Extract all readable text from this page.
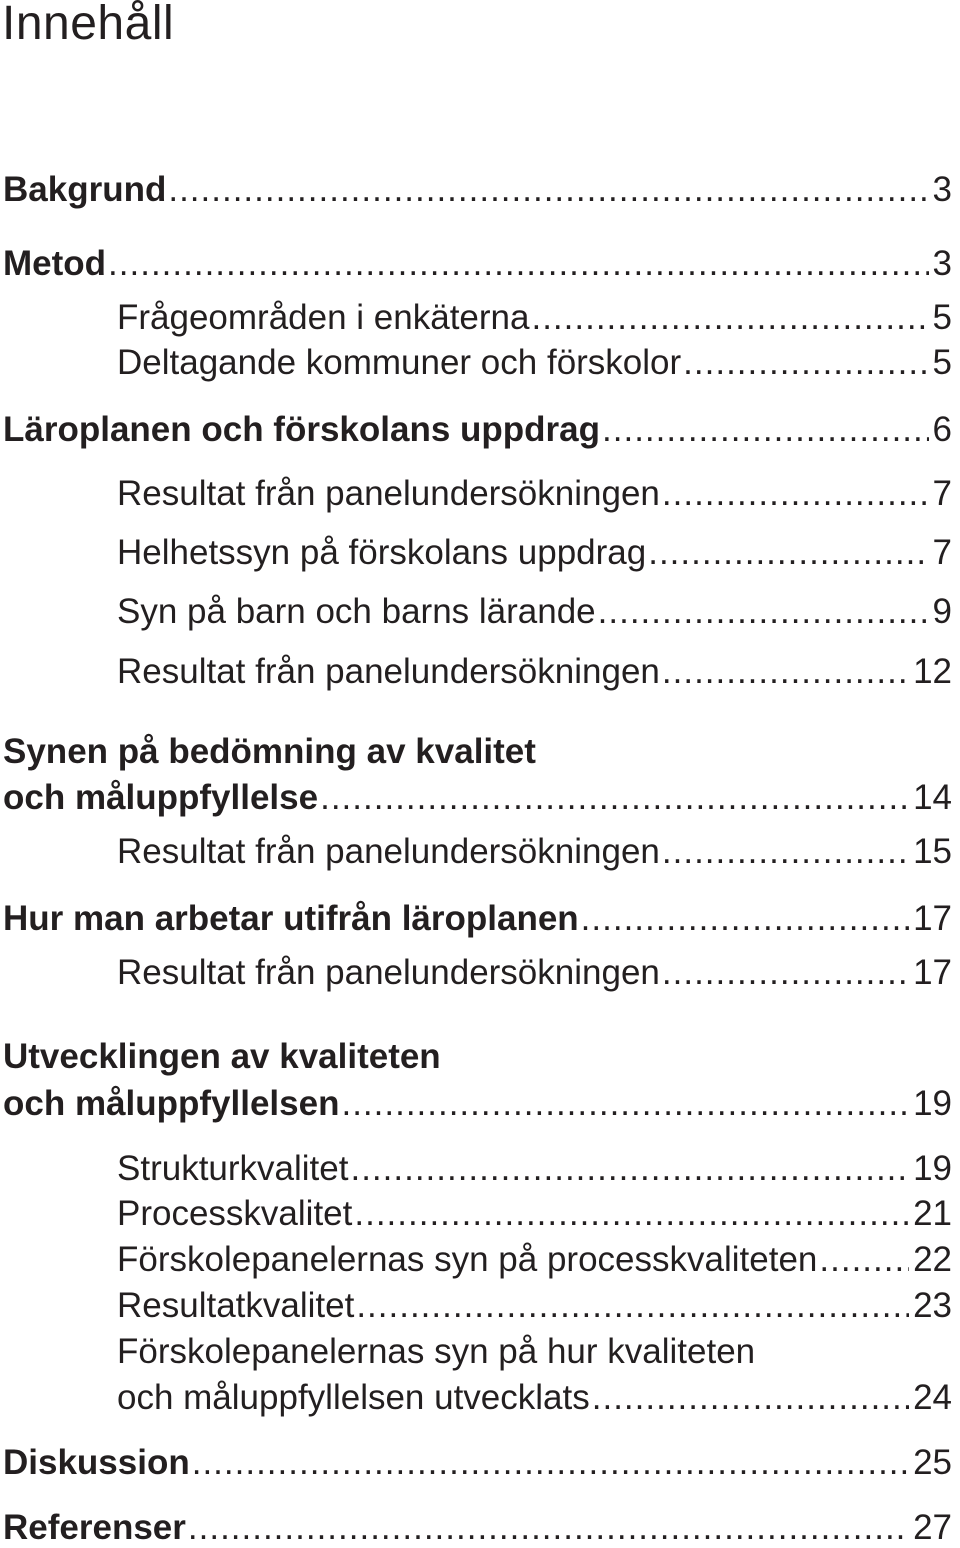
Innehåll
Bakgrund .....	3
Metod .....	3
Frågeområden i enkäterna .....	5
Deltagande kommuner och förskolor .....	5
Läroplanen och förskolans uppdrag .....	6
Resultat från panelundersökningen .....	7
Helhetssyn på förskolans uppdrag .....	7
Syn på barn och barns lärande .....	9
Resultat från panelundersökningen .....	12
Synen på bedömning av kvalitet
och måluppfyllelse .....	14
Resultat från panelundersökningen .....	15
Hur man arbetar utifrån läroplanen .....	17
Resultat från panelundersökningen .....	17
Utvecklingen av kvaliteten
och måluppfyllelsen .....	19
Strukturkvalitet .....	19
Processkvalitet .....	21
Förskolepanelernas syn på processkvaliteten .....	22
Resultatkvalitet .....	23
Förskolepanelernas syn på hur kvaliteten
och måluppfyllelsen utvecklats .....	24
Diskussion .....	25
Referenser .....	27
